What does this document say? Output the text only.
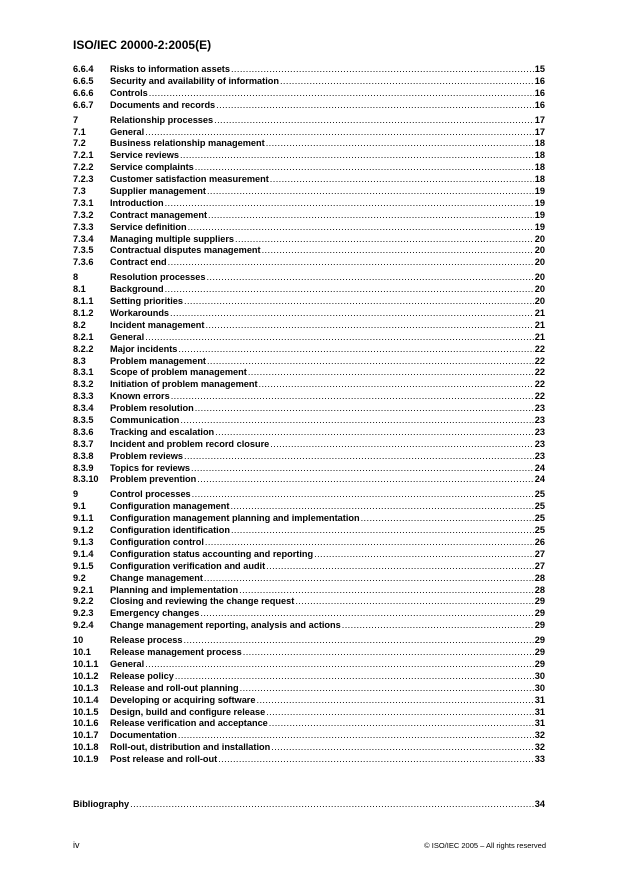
ISO/IEC 20000-2:2005(E)
6.6.4	Risks to information assets .....	15
6.6.5	Security and availability of information .....	16
6.6.6	Controls .....	16
6.6.7	Documents and records .....	16
7	Relationship processes .....	17
7.1	General .....	17
7.2	Business relationship management .....	18
7.2.1	Service reviews .....	18
7.2.2	Service complaints .....	18
7.2.3	Customer satisfaction measurement .....	18
7.3	Supplier management .....	19
7.3.1	Introduction .....	19
7.3.2	Contract management .....	19
7.3.3	Service definition .....	19
7.3.4	Managing multiple suppliers .....	20
7.3.5	Contractual disputes management .....	20
7.3.6	Contract end .....	20
8	Resolution processes .....	20
8.1	Background .....	20
8.1.1	Setting priorities .....	20
8.1.2	Workarounds .....	21
8.2	Incident management .....	21
8.2.1	General .....	21
8.2.2	Major incidents .....	22
8.3	Problem management .....	22
8.3.1	Scope of problem management .....	22
8.3.2	Initiation of problem management .....	22
8.3.3	Known errors .....	22
8.3.4	Problem resolution .....	23
8.3.5	Communication .....	23
8.3.6	Tracking and escalation .....	23
8.3.7	Incident and problem record closure .....	23
8.3.8	Problem reviews .....	23
8.3.9	Topics for reviews .....	24
8.3.10	Problem prevention .....	24
9	Control processes .....	25
9.1	Configuration management .....	25
9.1.1	Configuration management planning and implementation .....	25
9.1.2	Configuration identification .....	25
9.1.3	Configuration control .....	26
9.1.4	Configuration status accounting and reporting .....	27
9.1.5	Configuration verification and audit .....	27
9.2	Change management .....	28
9.2.1	Planning and implementation .....	28
9.2.2	Closing and reviewing the change request .....	29
9.2.3	Emergency changes .....	29
9.2.4	Change management reporting, analysis and actions .....	29
10	Release process .....	29
10.1	Release management process .....	29
10.1.1	General .....	29
10.1.2	Release policy .....	30
10.1.3	Release and roll-out planning .....	30
10.1.4	Developing or acquiring software .....	31
10.1.5	Design, build and configure release .....	31
10.1.6	Release verification and acceptance .....	31
10.1.7	Documentation .....	32
10.1.8	Roll-out, distribution and installation .....	32
10.1.9	Post release and roll-out .....	33
Bibliography .....	34
iv	© ISO/IEC 2005 – All rights reserved
